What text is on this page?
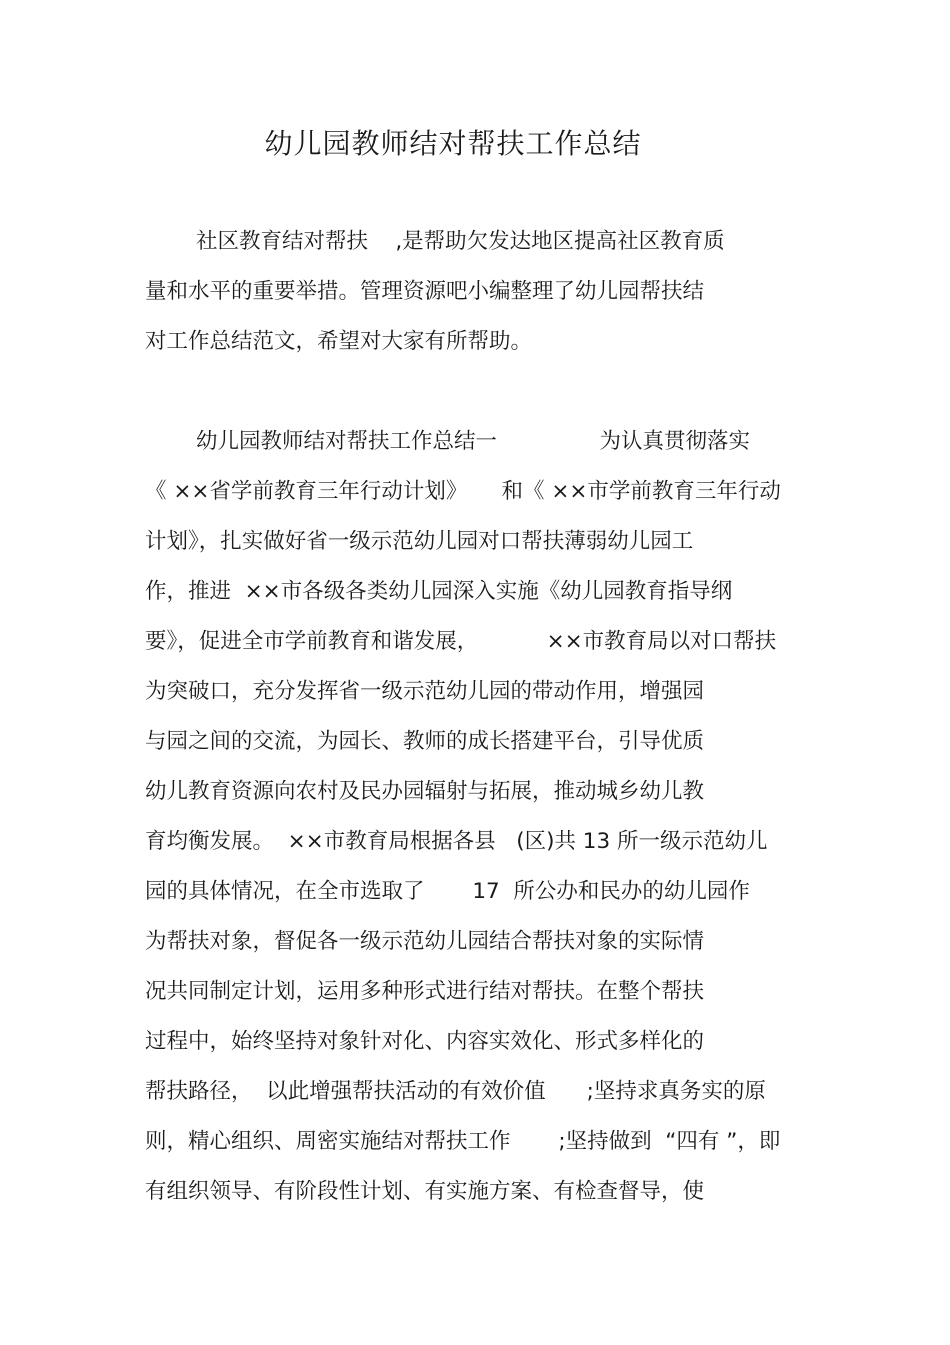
幼儿园教师结对帮扶工作总结
社区教育结对帮扶    ,是帮助欠发达地区提高社区教育质
量和水平的重要举措。管理资源吧小编整理了幼儿园帮扶结
对工作总结范文，希望对大家有所帮助。
幼儿园教师结对帮扶工作总结一               为认真贯彻落实
《 ××省学前教育三年行动计划》     和《 ××市学前教育三年行动
计划》，扎实做好省一级示范幼儿园对口帮扶薄弱幼儿园工
作，推进  ××市各级各类幼儿园深入实施《幼儿园教育指导纲
要》，促进全市学前教育和谐发展，          ××市教育局以对口帮扶
为突破口，充分发挥省一级示范幼儿园的带动作用，增强园
与园之间的交流，为园长、教师的成长搭建平台，引导优质
幼儿教育资源向农村及民办园辐射与拓展，推动城乡幼儿教
育均衡发展。  ××市教育局根据各县   (区)共 13 所一级示范幼儿
园的具体情况，在全市选取了       17  所公办和民办的幼儿园作
为帮扶对象，督促各一级示范幼儿园结合帮扶对象的实际情
况共同制定计划，运用多种形式进行结对帮扶。在整个帮扶
过程中，始终坚持对象针对化、内容实效化、形式多样化的
帮扶路径，  以此增强帮扶活动的有效价值      ;坚持求真务实的原
则，精心组织、周密实施结对帮扶工作       ;坚持做到  “四有 ”，即
有组织领导、有阶段性计划、有实施方案、有检查督导，使
